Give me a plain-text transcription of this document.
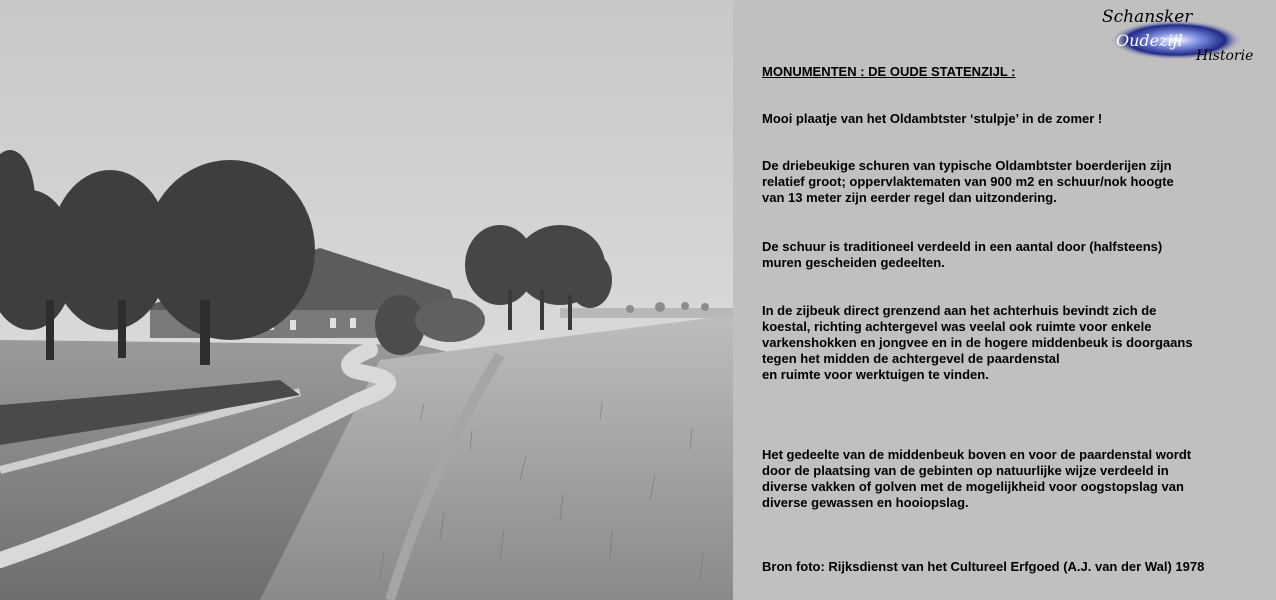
MONUMENTEN : DE OUDE STATENZIJL :

Mooi plaatje van het Oldambtster ‘stulpje’ in de zomer !

De driebeukige schuren van typische Oldambtster boerderijen zijn
relatief groot; oppervlaktematen van 900 m2 en schuur/nok hoogte
van 13 meter zijn eerder regel dan uitzondering.

De schuur is traditioneel verdeeld in een aantal door (halfsteens)
muren gescheiden gedeelten.

In de zijbeuk direct grenzend aan het achterhuis bevindt zich de
koestal, richting achtergevel was veelal ook ruimte voor enkele
varkenshokken en jongvee en in de hogere middenbeuk is doorgaans
tegen het midden de achtergevel de paardenstal
en ruimte voor werktuigen te vinden.

Het gedeelte van de middenbeuk boven en voor de paardenstal wordt
door de plaatsing van de gebinten op natuurlijke wijze verdeeld in
diverse vakken of golven met de mogelijkheid voor oogstopslag van
diverse gewassen en hooiopslag.

Bron foto: Rijksdienst van het Cultureel Erfgoed (A.J. van der Wal) 1978

Schansker
Oudezijl
Historie
